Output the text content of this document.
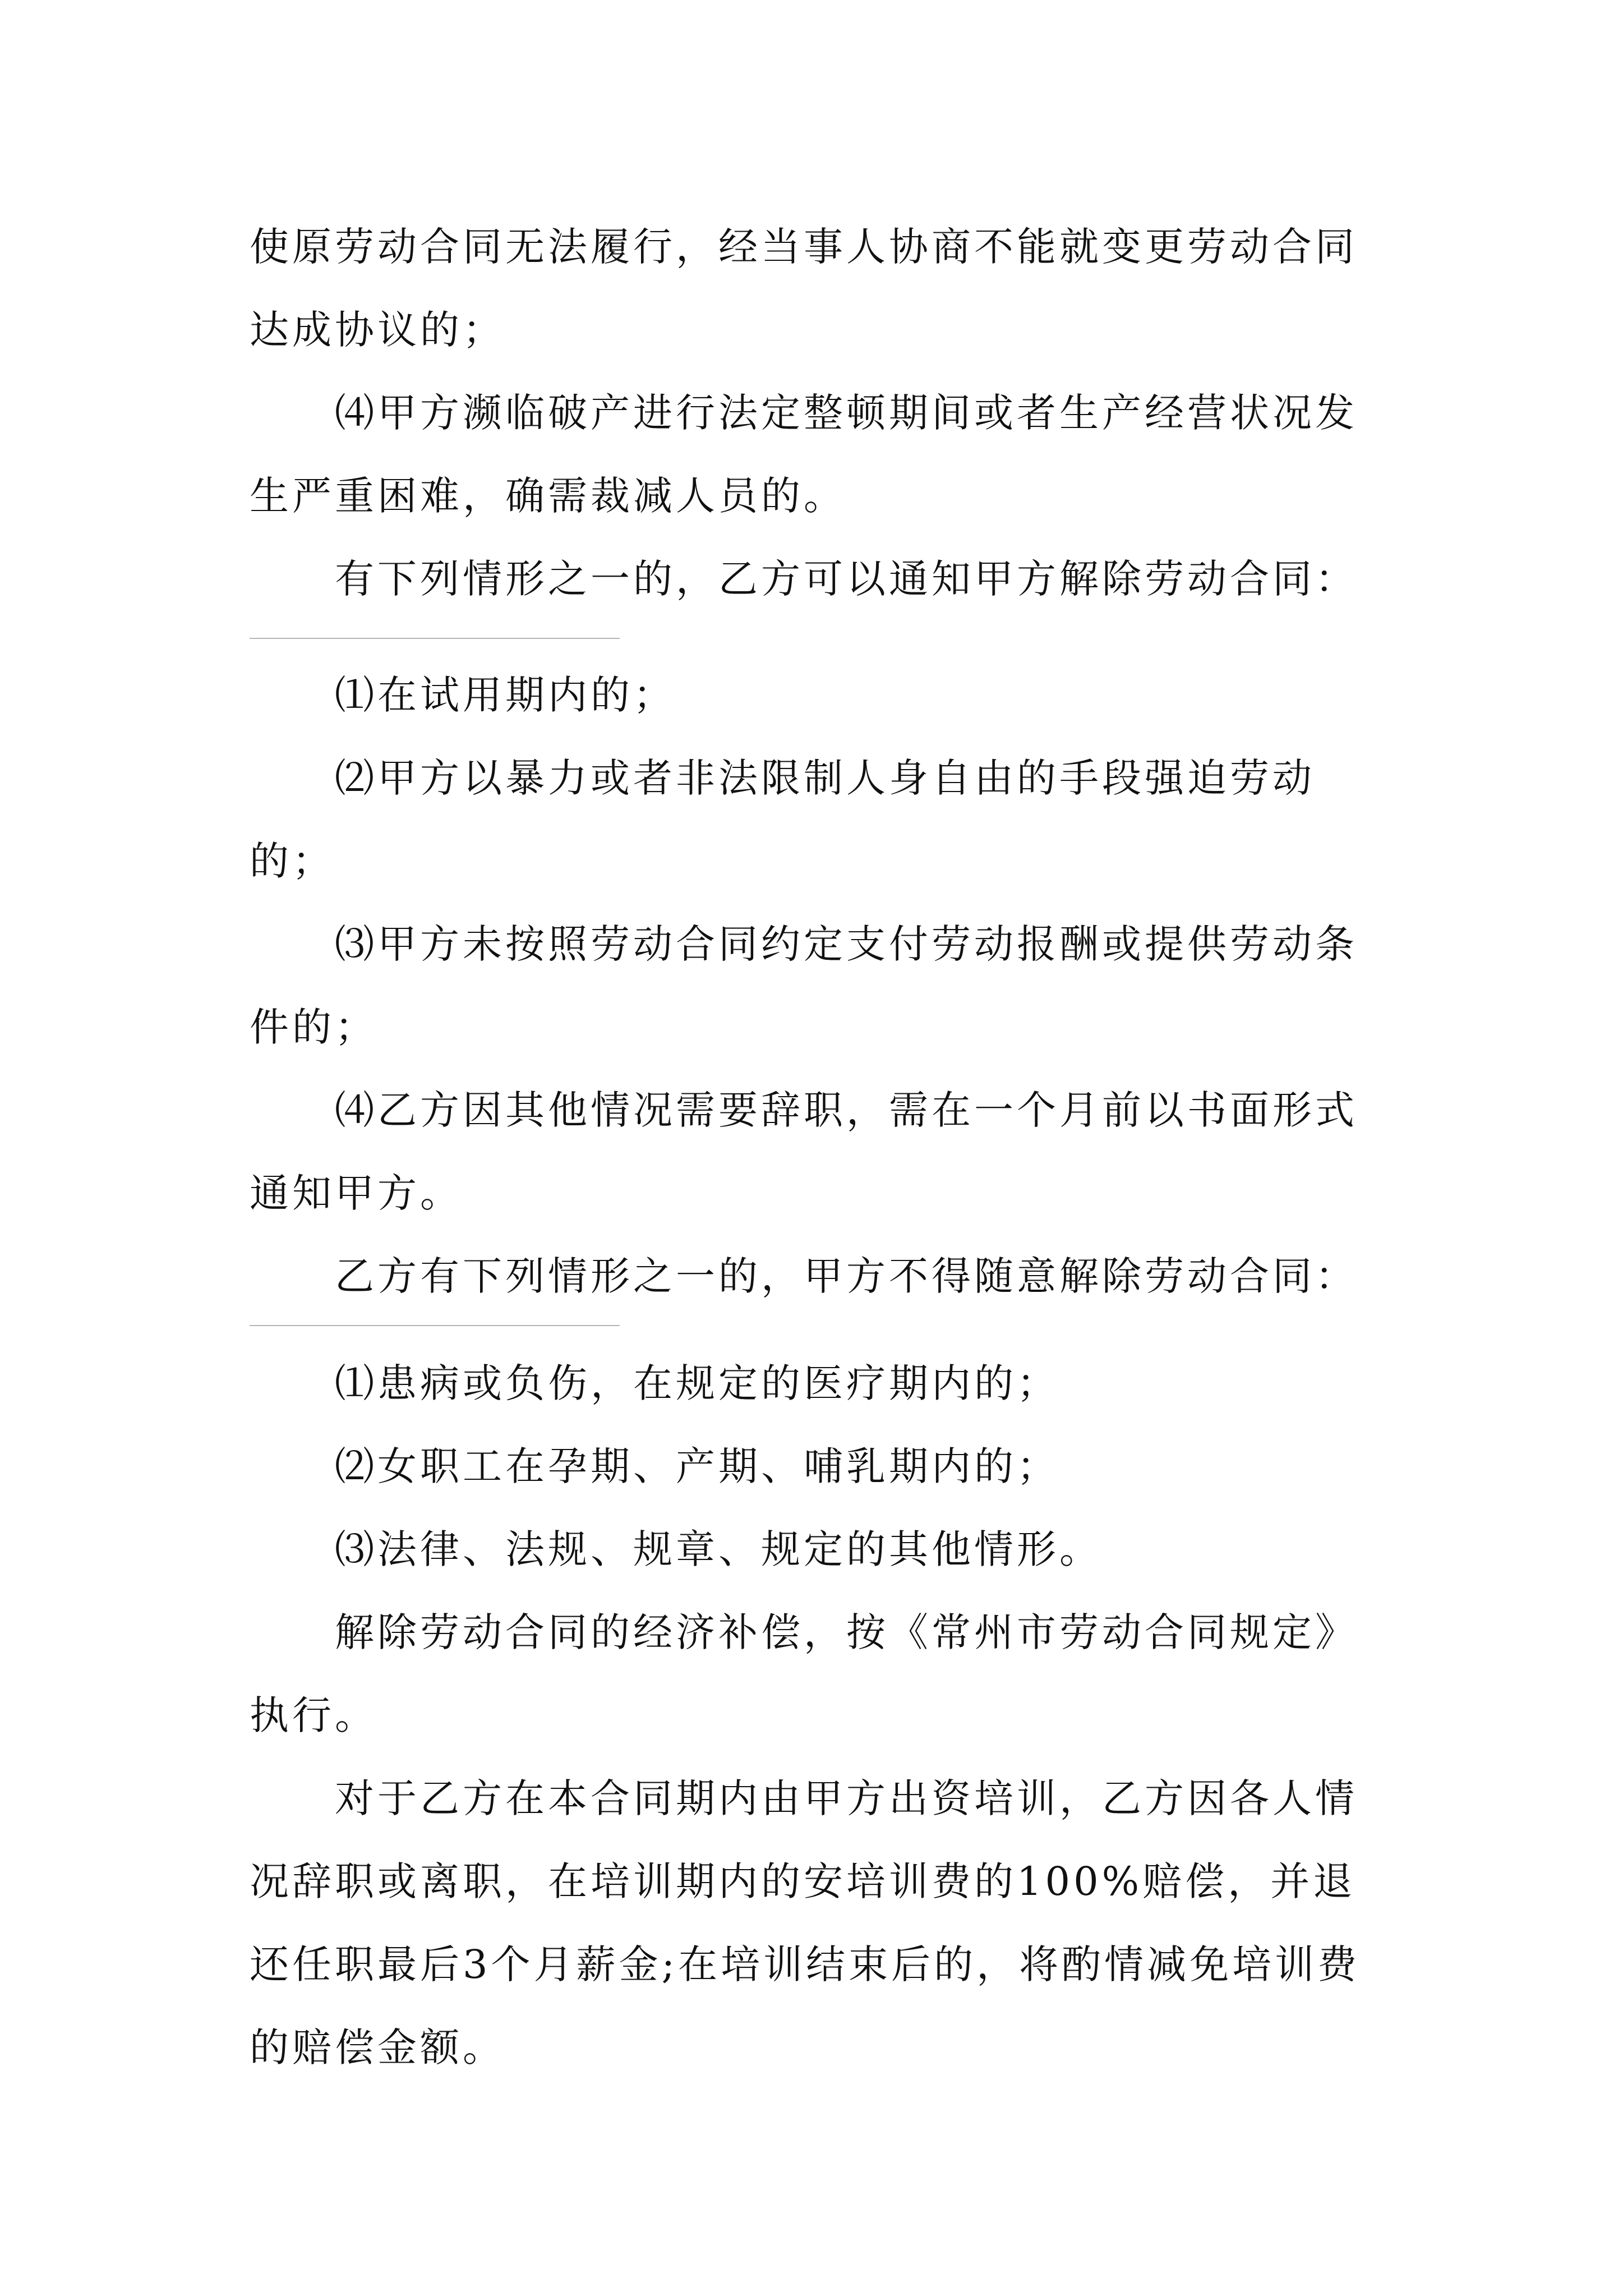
使原劳动合同无法履行，经当事人协商不能就变更劳动合同达成协议的；

⑷甲方濒临破产进行法定整顿期间或者生产经营状况发生严重困难，确需裁减人员的。

有下列情形之一的，乙方可以通知甲方解除劳动合同：

⑴在试用期内的；

⑵甲方以暴力或者非法限制人身自由的手段强迫劳动的；

⑶甲方未按照劳动合同约定支付劳动报酬或提供劳动条件的；

⑷乙方因其他情况需要辞职，需在一个月前以书面形式通知甲方。

乙方有下列情形之一的，甲方不得随意解除劳动合同：

⑴患病或负伤，在规定的医疗期内的；

⑵女职工在孕期、产期、哺乳期内的；

⑶法律、法规、规章、规定的其他情形。

解除劳动合同的经济补偿，按《常州市劳动合同规定》执行。

对于乙方在本合同期内由甲方出资培训，乙方因各人情况辞职或离职，在培训期内的安培训费的100%赔偿，并退还任职最后3个月薪金;在培训结束后的，将酌情减免培训费的赔偿金额。
